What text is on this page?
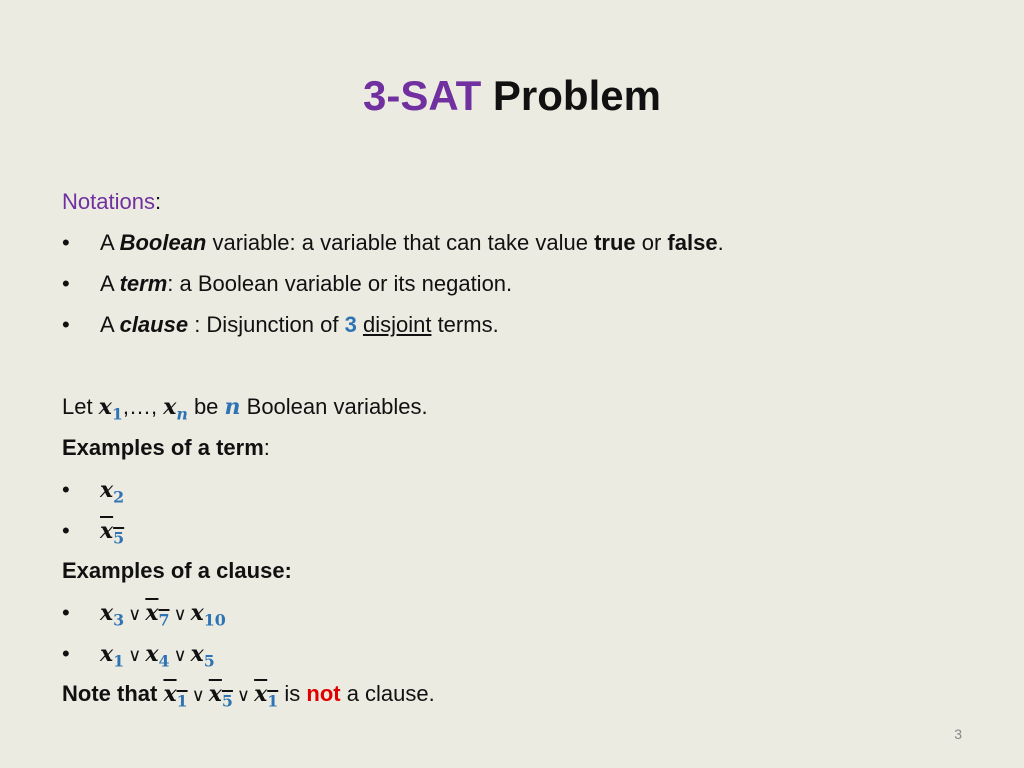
3-SAT Problem
Notations:
• A Boolean variable: a variable that can take value true or false.
• A term: a Boolean variable or its negation.
• A clause : Disjunction of 3 disjoint terms.
Let $x_1,\dots$, $x_n$ be n Boolean variables.
Examples of a term:
• $x_2$
• $x_5$
Examples of a clause:
• $x_3$ ∨ $x_7$ ∨ $x_{10}$
• $x_1$ ∨ $x_4$ ∨ $x_5$
Note that $x_1$ ∨ $x_5$ ∨ $x_1$ is not a clause.
3
